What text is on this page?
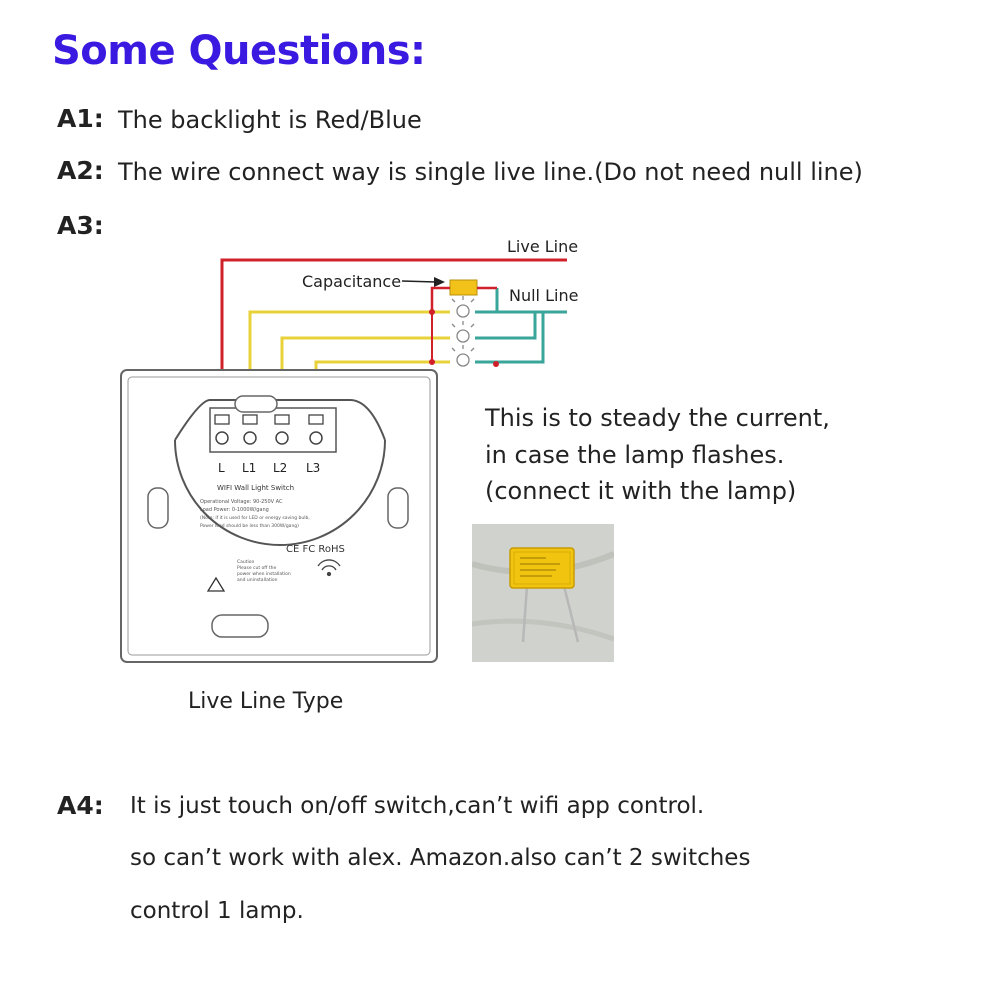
Some Questions:
A1: The backlight is Red/Blue
A2: The wire connect way is single live line.(Do not need null line)
A3:
Live Line
Null Line
Capacitance
L L1 L2 L3
WIFI Wall Light Switch
Operational Voltage: 90-250V AC
Load Power: 0-1000W/gang
(Note: if it is used for LED or energy saving bulb,
Power load should be less than 300W/gang)
CE FC RoHS
Caution
Please cut off the
power when installation
and uninstallation
Live Line Type
This is to steady the current,
in case the lamp flashes.
(connect it with the lamp)
A4: It is just touch on/off switch,can’t wifi app control.
so can’t work with alex. Amazon.also can’t 2 switches
control 1 lamp.
